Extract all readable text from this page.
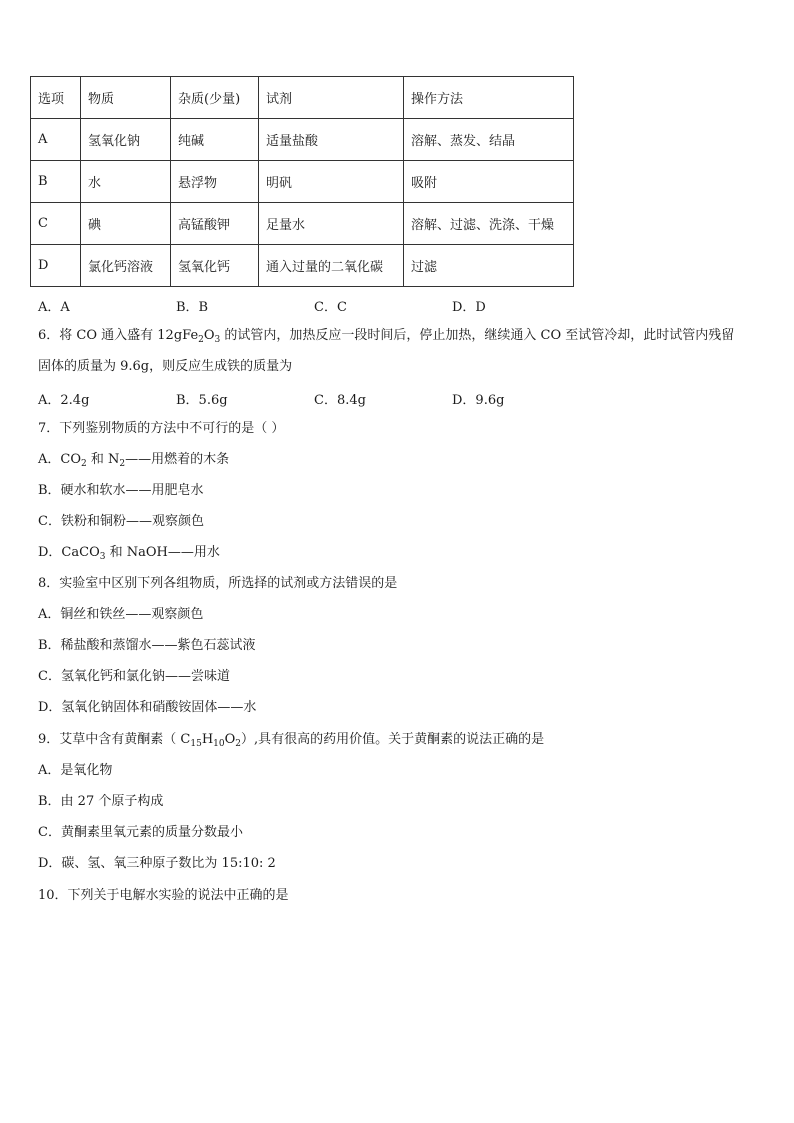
选项	物质	杂质(少量)	试剂	操作方法
A	氢氧化钠	纯碱	适量盐酸	溶解、蒸发、结晶
B	水	悬浮物	明矾	吸附
C	碘	高锰酸钾	足量水	溶解、过滤、洗涤、干燥
D	氯化钙溶液	氢氧化钙	通入过量的二氧化碳	过滤
A．A	B．B	C．C	D．D
6．将 CO 通入盛有 $12gFe_2O_3$ 的试管内，加热反应一段时间后，停止加热，继续通入 CO 至试管冷却，此时试管内残留
固体的质量为 9.6g，则反应生成铁的质量为
A．2.4g	B．5.6g	C．8.4g	D．9.6g
7．下列鉴别物质的方法中不可行的是（ ）
A．$CO_2$ 和 $N_2——$用燃着的木条
B．硬水和软水——用肥皂水
C．铁粉和铜粉——观察颜色
D．CaCO$_3$ 和 NaOH——用水
8．实验室中区别下列各组物质，所选择的试剂或方法错误的是
A．铜丝和铁丝——观察颜色
B．稀盐酸和蒸馏水——紫色石蕊试液
C．氢氧化钙和氯化钠——尝味道
D．氢氧化钠固体和硝酸铵固体——水
9．艾草中含有黄酮素（ $C_{15}H_{10}O_2$）,具有很高的药用价值。关于黄酮素的说法正确的是
A．是氧化物
B．由 27 个原子构成
C．黄酮素里氧元素的质量分数最小
D．碳、氢、氧三种原子数比为 15:10: 2
10．下列关于电解水实验的说法中正确的是
